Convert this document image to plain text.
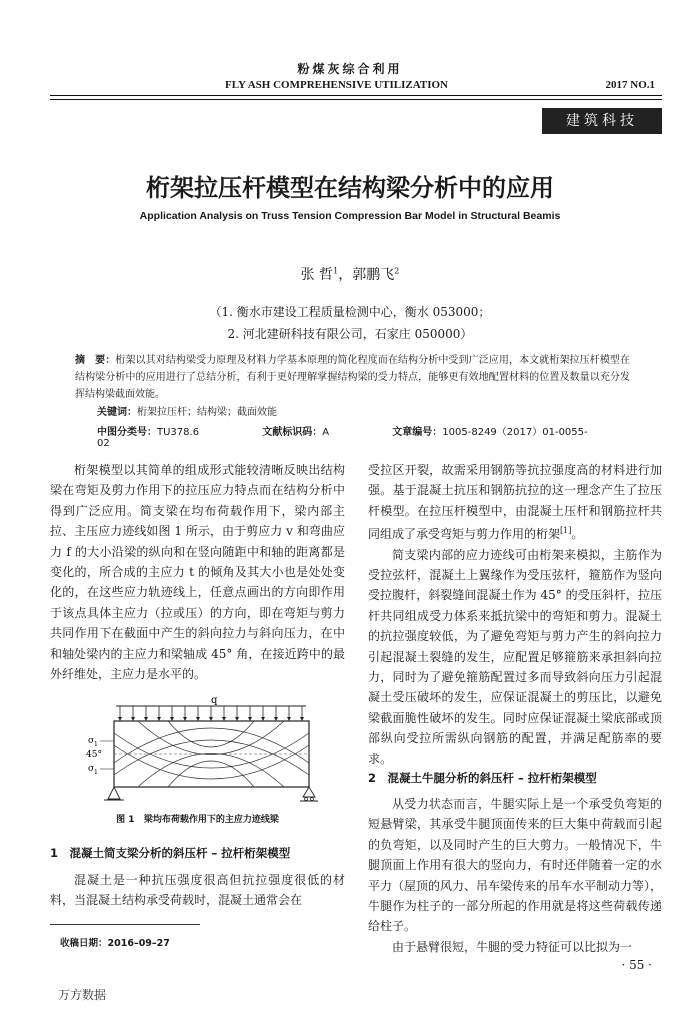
粉煤灰综合利用
FLY ASH COMPREHENSIVE UTILIZATION	2017 NO.1
建筑科技
桁架拉压杆模型在结构梁分析中的应用
Application Analysis on Truss Tension Compression Bar Model in Structural Beamis
张 哲$^1$，郭鹏飞$^2$
（1. 衡水市建设工程质量检测中心，衡水 053000；
2. 河北建研科技有限公司，石家庄 050000）
摘　要：桁架以其对结构梁受力原理及材料力学基本原理的简化程度而在结构分析中受到广泛应用，本文就桁架拉压杆模型在结构梁分析中的应用进行了总结分析，有利于更好理解掌握结构梁的受力特点，能够更有效地配置材料的位置及数量以充分发挥结构梁截面效能。
关键词：桁架拉压杆；结构梁；截面效能
中图分类号：TU378.6	文献标识码：A	文章编号：1005-8249（2017）01-0055-02

桁架模型以其简单的组成形式能较清晰反映出结构梁在弯矩及剪力作用下的拉压应力特点而在结构分析中得到广泛应用。简支梁在均布荷载作用下，梁内部主拉、主压应力迹线如图 1 所示，由于剪应力 v 和弯曲应力 f 的大小沿梁的纵向和在竖向随距中和轴的距离都是变化的，所合成的主应力 t 的倾角及其大小也是处处变化的，在这些应力轨迹线上，任意点画出的方向即作用于该点具体主应力（拉或压）的方向，即在弯矩与剪力共同作用下在截面中产生的斜向拉力与斜向压力，在中和轴处梁内的主应力和梁轴成 45° 角，在接近跨中的最外纤维处，主应力是水平的。

q
σ 1
45°
σ 1
图 1 梁均布荷载作用下的主应力迹线梁
1　混凝土简支梁分析的斜压杆 – 拉杆桁架模型

混凝土是一种抗压强度很高但抗拉强度很低的材料，当混凝土结构承受荷载时，混凝土通常会在

收稿日期：2016–09–27

受拉区开裂，故需采用钢筋等抗拉强度高的材料进行加强。基于混凝土抗压和钢筋抗拉的这一理念产生了拉压杆模型。在拉压杆模型中，由混凝土压杆和钢筋拉杆共同组成了承受弯矩与剪力作用的桁架[1]。

简支梁内部的应力迹线可由桁架来模拟，主筋作为受拉弦杆，混凝土上翼缘作为受压弦杆，箍筋作为竖向受拉腹杆，斜裂缝间混凝土作为 45° 的受压斜杆，拉压杆共同组成受力体系来抵抗梁中的弯矩和剪力。混凝土的抗拉强度较低，为了避免弯矩与剪力产生的斜向拉力引起混凝土裂缝的发生，应配置足够箍筋来承担斜向拉力，同时为了避免箍筋配置过多而导致斜向压力引起混凝土受压破坏的发生，应保证混凝土的剪压比，以避免梁截面脆性破坏的发生。同时应保证混凝土梁底部或顶部纵向受拉所需纵向钢筋的配置，并满足配筋率的要求。

2　混凝土牛腿分析的斜压杆 – 拉杆桁架模型

从受力状态而言，牛腿实际上是一个承受负弯矩的短悬臂梁，其承受牛腿顶面传来的巨大集中荷载而引起的负弯矩，以及同时产生的巨大剪力。一般情况下，牛腿顶面上作用有很大的竖向力，有时还伴随着一定的水平力（屋顶的风力、吊车梁传来的吊车水平制动力等），牛腿作为柱子的一部分所起的作用就是将这些荷载传递给柱子。

由于悬臂很短，牛腿的受力特征可以比拟为一

· 55 ·
万方数据
